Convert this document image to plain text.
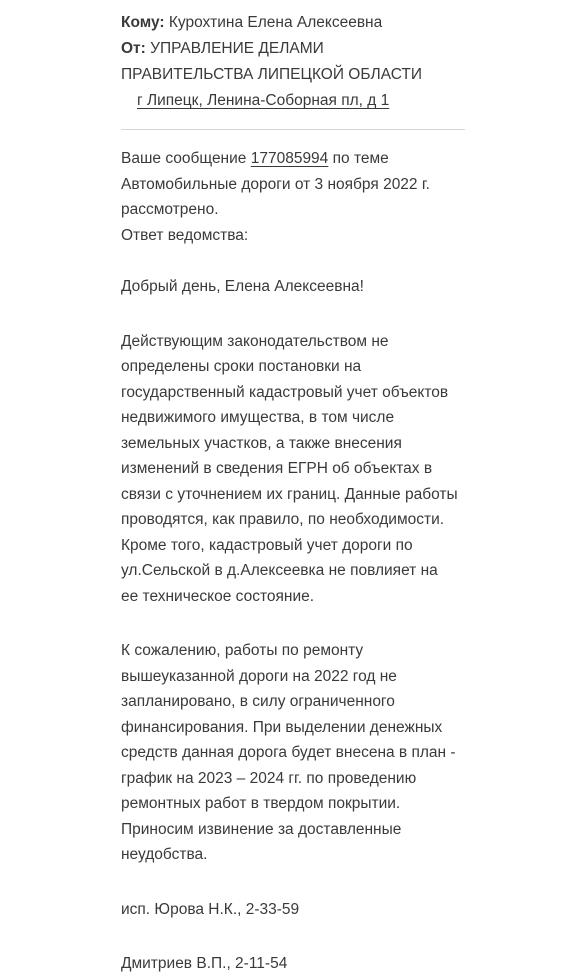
Кому: Курохтина Елена Алексеевна
От: УПРАВЛЕНИЕ ДЕЛАМИ
ПРАВИТЕЛЬСТВА ЛИПЕЦКОЙ ОБЛАСТИ
г Липецк, Ленина-Соборная пл, д 1

Ваше сообщение 177085994 по теме

Автомобильные дороги от 3 ноября 2022 г.

рассмотрено.

Ответ ведомства:

Добрый день, Елена Алексеевна!

Действующим законодательством не

определены сроки постановки на

государственный кадастровый учет объектов

недвижимого имущества, в том числе

земельных участков, а также внесения

изменений в сведения ЕГРН об объектах в

связи с уточнением их границ. Данные работы

проводятся, как правило, по необходимости.

Кроме того, кадастровый учет дороги по

ул.Сельской в д.Алексеевка не повлияет на

ее техническое состояние.

К сожалению, работы по ремонту

вышеуказанной дороги на 2022 год не

запланировано, в силу ограниченного

финансирования. При выделении денежных

средств данная дорога будет внесена в план -

график на 2023 – 2024 гг. по проведению

ремонтных работ в твердом покрытии.

Приносим извинение за доставленные

неудобства.

исп. Юрова Н.К., 2-33-59

Дмитриев В.П., 2-11-54
